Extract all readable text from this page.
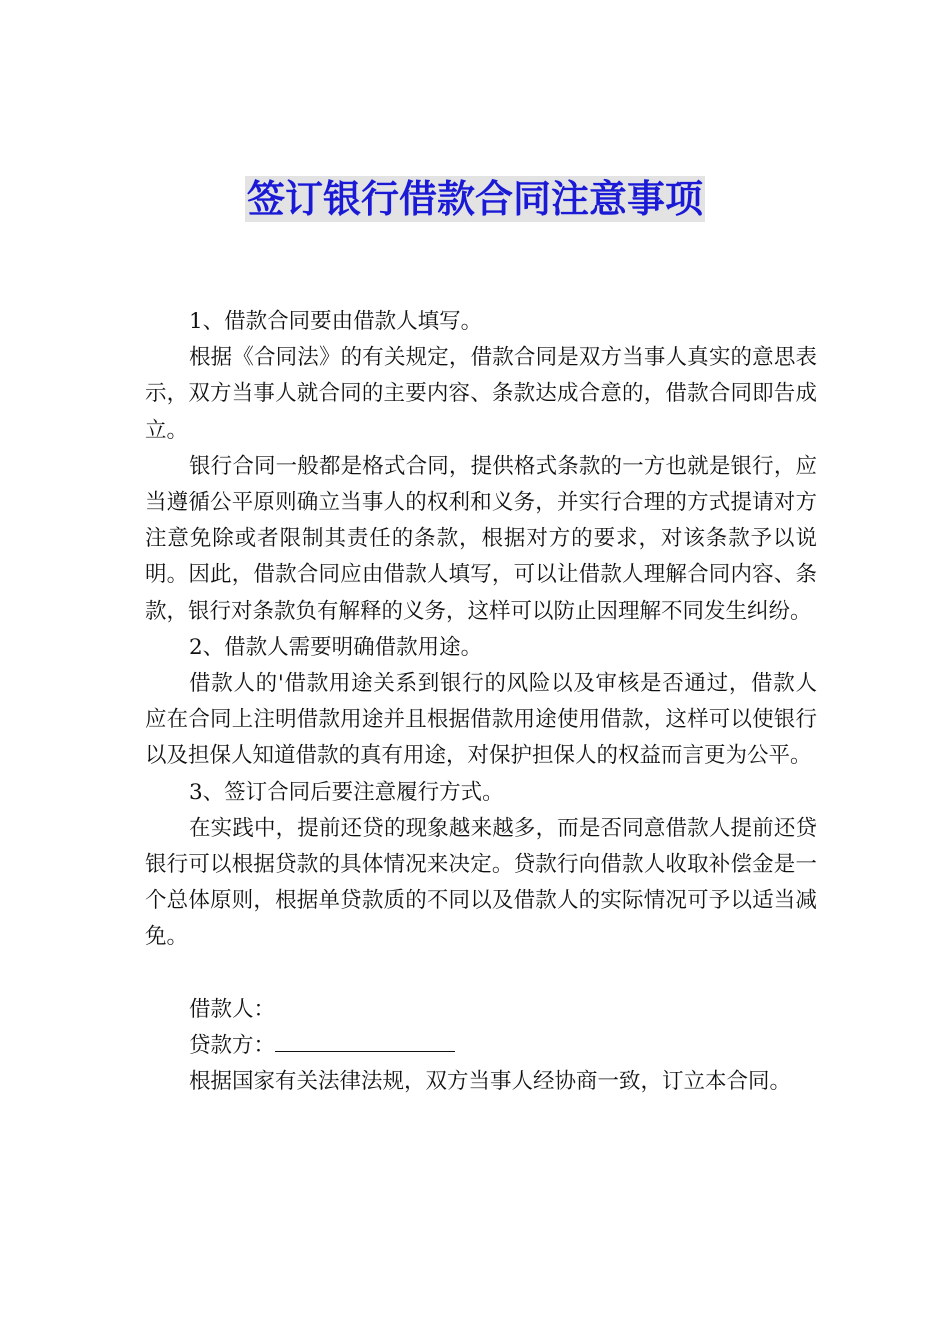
签订银行借款合同注意事项

1、借款合同要由借款人填写。

根据《合同法》的有关规定，借款合同是双方当事人真实的意思表示，双方当事人就合同的主要内容、条款达成合意的，借款合同即告成立。

银行合同一般都是格式合同，提供格式条款的一方也就是银行，应当遵循公平原则确立当事人的权利和义务，并实行合理的方式提请对方注意免除或者限制其责任的条款，根据对方的要求，对该条款予以说明。因此，借款合同应由借款人填写，可以让借款人理解合同内容、条款，银行对条款负有解释的义务，这样可以防止因理解不同发生纠纷。

2、借款人需要明确借款用途。

借款人的'借款用途关系到银行的风险以及审核是否通过，借款人应在合同上注明借款用途并且根据借款用途使用借款，这样可以使银行以及担保人知道借款的真有用途，对保护担保人的权益而言更为公平。

3、签订合同后要注意履行方式。

在实践中，提前还贷的现象越来越多，而是否同意借款人提前还贷银行可以根据贷款的具体情况来决定。贷款行向借款人收取补偿金是一个总体原则，根据单贷款质的不同以及借款人的实际情况可予以适当减免。

借款人：

贷款方：

根据国家有关法律法规，双方当事人经协商一致，订立本合同。
